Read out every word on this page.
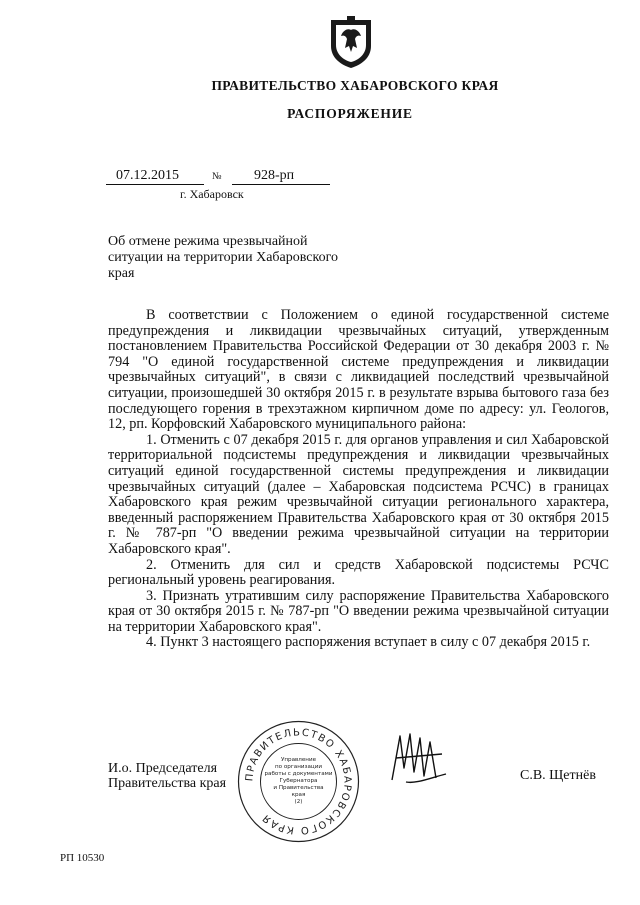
ПРАВИТЕЛЬСТВО ХАБАРОВСКОГО КРАЯ
РАСПОРЯЖЕНИЕ
07.12.2015	№ 928-рп
г. Хабаровск
Об отмене режима чрезвычайной ситуации на территории Хабаровского края

В соответствии с Положением о единой государственной системе предупреждения и ликвидации чрезвычайных ситуаций, утвержденным постановлением Правительства Российской Федерации от 30 декабря 2003 г. № 794 "О единой государственной системе предупреждения и ликвидации чрезвычайных ситуаций", в связи с ликвидацией последствий чрезвычайной ситуации, произошедшей 30 октября 2015 г. в результате взрыва бытового газа без последующего горения в трехэтажном кирпичном доме по адресу: ул. Геологов, 12, рп. Корфовский Хабаровского муниципального района:

1. Отменить с 07 декабря 2015 г. для органов управления и сил Хабаровской территориальной подсистемы предупреждения и ликвидации чрезвычайных ситуаций единой государственной системы предупреждения и ликвидации чрезвычайных ситуаций (далее – Хабаровская подсистема РСЧС) в границах Хабаровского края режим чрезвычайной ситуации регионального характера, введенный распоряжением Правительства Хабаровского края от 30 октября 2015 г. № 787-рп "О введении режима чрезвычайной ситуации на территории Хабаровского края".

2. Отменить для сил и средств Хабаровской подсистемы РСЧС региональный уровень реагирования.

3. Признать утратившим силу распоряжение Правительства Хабаровского края от 30 октября 2015 г. № 787-рп "О введении режима чрезвычайной ситуации на территории Хабаровского края".

4. Пункт 3 настоящего распоряжения вступает в силу с 07 декабря 2015 г.

И.о. Председателя
Правительства края ПРАВИТЕЛЬСТВО ХАБАРОВСКОГО КРАЯ
Управление
по организации
работы с документами
Губернатора
и Правительства
края
(2)
С.В. Щетнёв
РП 10530
